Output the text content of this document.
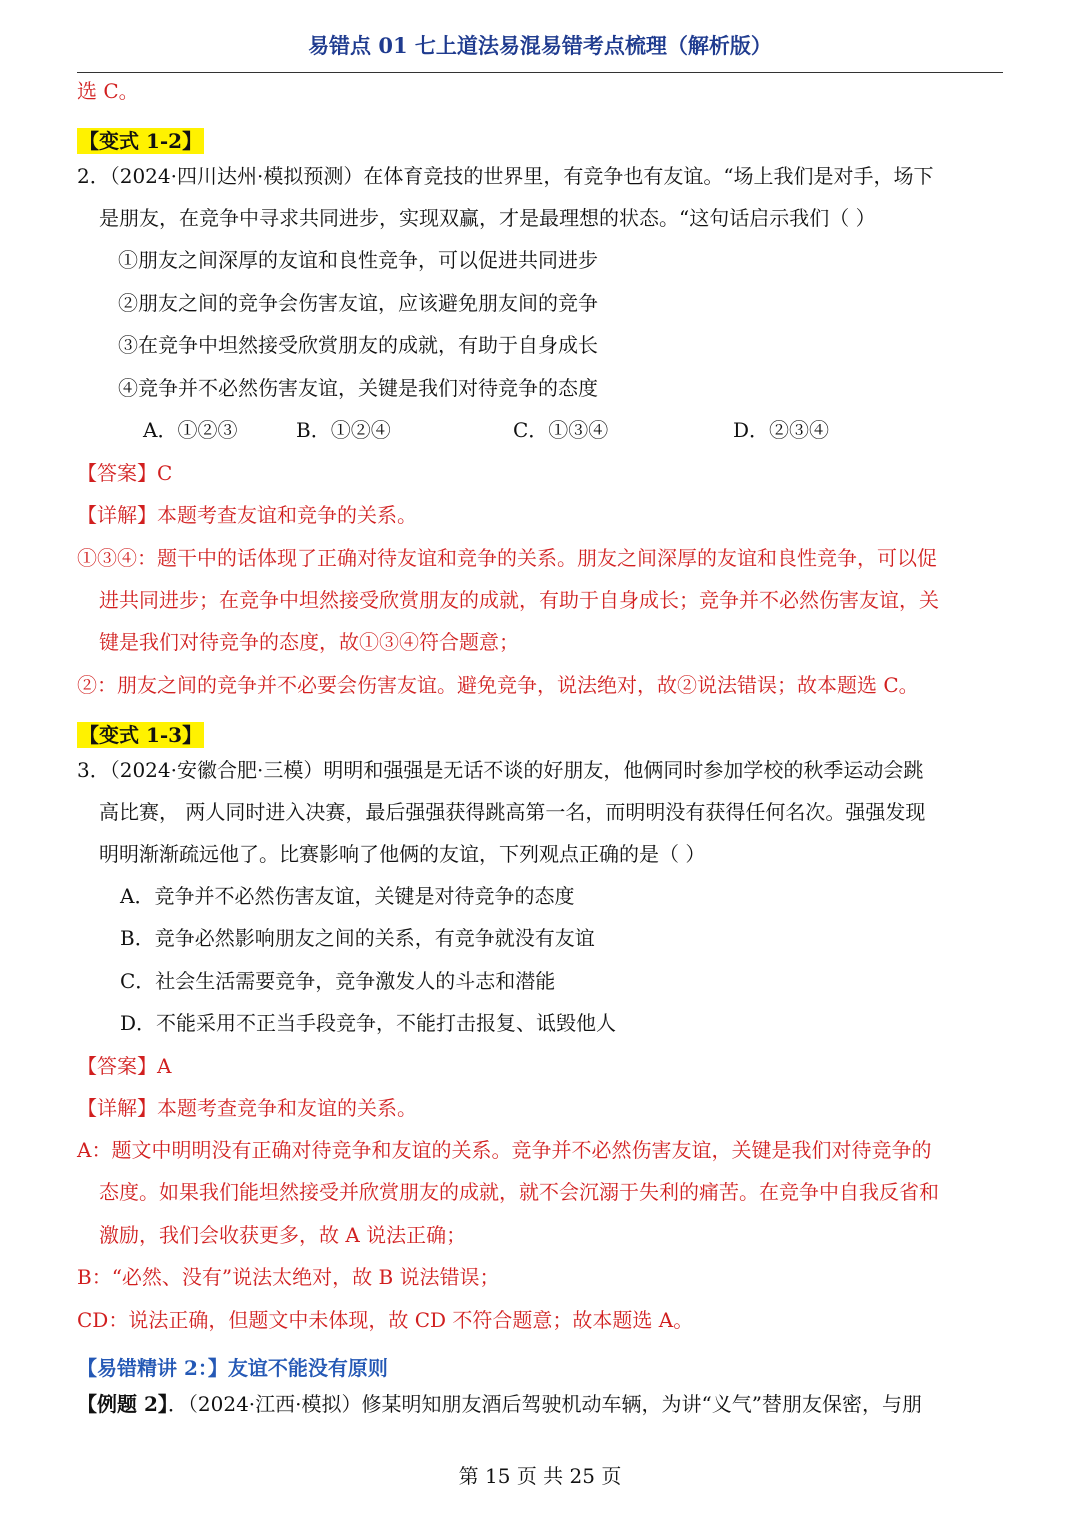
易错点 01 七上道法易混易错考点梳理（解析版）
选 C。
【变式 1-2】
2．（2024·四川达州·模拟预测）在体育竞技的世界里，有竞争也有友谊。“场上我们是对手，场下
是朋友，在竞争中寻求共同进步，实现双赢，才是最理想的状态。“这句话启示我们（ ）
①朋友之间深厚的友谊和良性竞争，可以促进共同进步
②朋友之间的竞争会伤害友谊，应该避免朋友间的竞争
③在竞争中坦然接受欣赏朋友的成就，有助于自身成长
④竞争并不必然伤害友谊，关键是我们对待竞争的态度
A．①②③	B．①②④	C．①③④	D．②③④
【答案】C
【详解】本题考查友谊和竞争的关系。
①③④：题干中的话体现了正确对待友谊和竞争的关系。朋友之间深厚的友谊和良性竞争，可以促
进共同进步；在竞争中坦然接受欣赏朋友的成就，有助于自身成长；竞争并不必然伤害友谊，关
键是我们对待竞争的态度，故①③④符合题意；
②：朋友之间的竞争并不必要会伤害友谊。避免竞争，说法绝对，故②说法错误；故本题选 C。
【变式 1-3】
3．（2024·安徽合肥·三模）明明和强强是无话不谈的好朋友，他俩同时参加学校的秋季运动会跳
高比赛， 两人同时进入决赛，最后强强获得跳高第一名，而明明没有获得任何名次。强强发现
明明渐渐疏远他了。比赛影响了他俩的友谊，下列观点正确的是（ ）
A．竞争并不必然伤害友谊，关键是对待竞争的态度
B．竞争必然影响朋友之间的关系，有竞争就没有友谊
C．社会生活需要竞争，竞争激发人的斗志和潜能
D．不能采用不正当手段竞争，不能打击报复、诋毁他人
【答案】A
【详解】本题考查竞争和友谊的关系。
A：题文中明明没有正确对待竞争和友谊的关系。竞争并不必然伤害友谊，关键是我们对待竞争的
态度。如果我们能坦然接受并欣赏朋友的成就，就不会沉溺于失利的痛苦。在竞争中自我反省和
激励，我们会收获更多，故 A 说法正确；
B：“必然、没有”说法太绝对，故 B 说法错误；
CD：说法正确，但题文中未体现，故 CD 不符合题意；故本题选 A。
【易错精讲 2：】友谊不能没有原则
【例题 2】．（2024·江西·模拟）修某明知朋友酒后驾驶机动车辆，为讲“义气”替朋友保密，与朋
第 15 页 共 25 页
